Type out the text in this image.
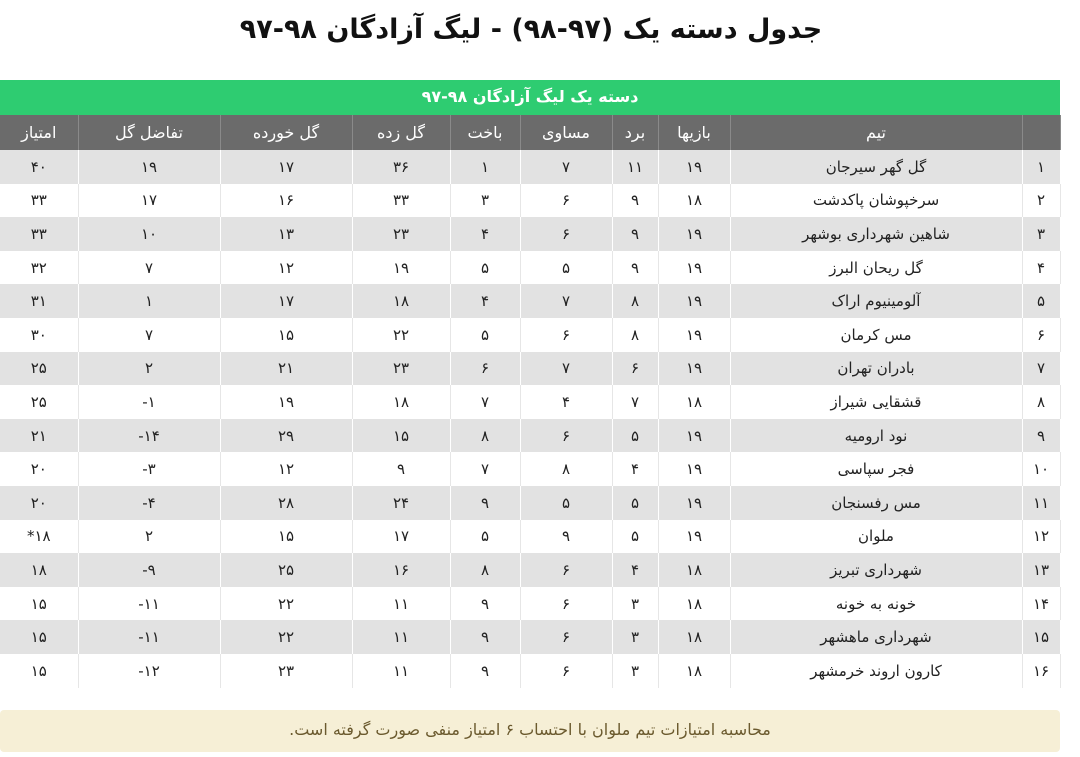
جدول دسته یک (۹۷-۹۸) - لیگ آزادگان ۹۸-۹۷
دسته یک لیگ آزادگان ۹۸-۹۷
امتیاز	تفاضل گل	گل خورده	گل زده	باخت	مساوی	برد	بازیها	تیم	
۴۰	۱۹	۱۷	۳۶	۱	۷	۱۱	۱۹	گل گهر سیرجان	۱
۳۳	۱۷	۱۶	۳۳	۳	۶	۹	۱۸	سرخپوشان پاکدشت	۲
۳۳	۱۰	۱۳	۲۳	۴	۶	۹	۱۹	شاهین شهرداری بوشهر	۳
۳۲	۷	۱۲	۱۹	۵	۵	۹	۱۹	گل ریحان البرز	۴
۳۱	۱	۱۷	۱۸	۴	۷	۸	۱۹	آلومینیوم اراک	۵
۳۰	۷	۱۵	۲۲	۵	۶	۸	۱۹	مس کرمان	۶
۲۵	۲	۲۱	۲۳	۶	۷	۶	۱۹	بادران تهران	۷
۲۵	۱-	۱۹	۱۸	۷	۴	۷	۱۸	قشقایی شیراز	۸
۲۱	۱۴-	۲۹	۱۵	۸	۶	۵	۱۹	نود ارومیه	۹
۲۰	۳-	۱۲	۹	۷	۸	۴	۱۹	فجر سپاسی	۱۰
۲۰	۴-	۲۸	۲۴	۹	۵	۵	۱۹	مس رفسنجان	۱۱
۱۸*	۲	۱۵	۱۷	۵	۹	۵	۱۹	ملوان	۱۲
۱۸	۹-	۲۵	۱۶	۸	۶	۴	۱۸	شهرداری تبریز	۱۳
۱۵	۱۱-	۲۲	۱۱	۹	۶	۳	۱۸	خونه به خونه	۱۴
۱۵	۱۱-	۲۲	۱۱	۹	۶	۳	۱۸	شهرداری ماهشهر	۱۵
۱۵	۱۲-	۲۳	۱۱	۹	۶	۳	۱۸	کارون اروند خرمشهر	۱۶
محاسبه امتیازات تیم ملوان با احتساب ۶ امتیاز منفی صورت گرفته است.
